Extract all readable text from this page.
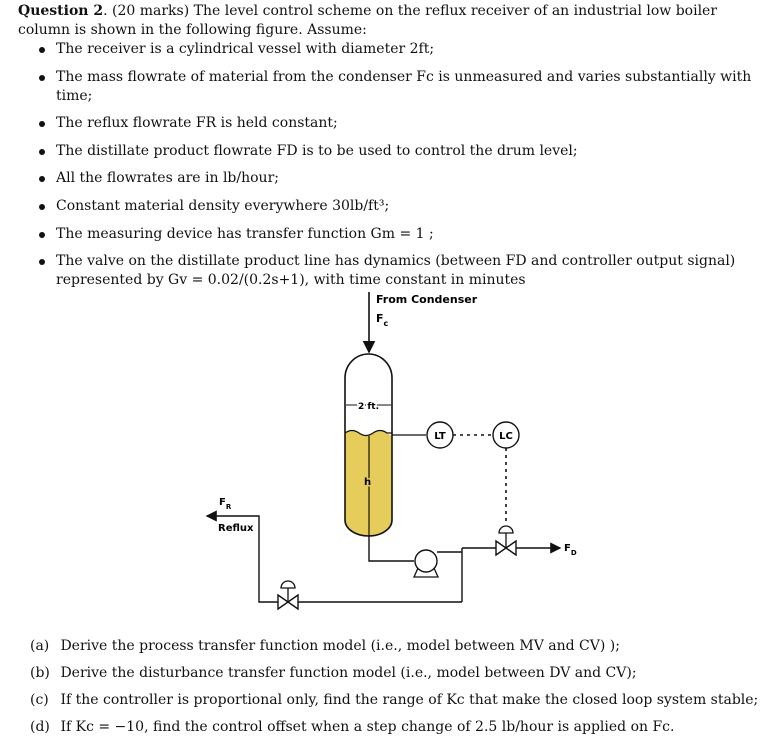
Question 2. (20 marks) The level control scheme on the reflux receiver of an industrial low boiler column is shown in the following figure. Assume:
The receiver is a cylindrical vessel with diameter 2ft;
The mass flowrate of material from the condenser Fc is unmeasured and varies substantially with time;
The reflux flowrate FR is held constant;
The distillate product flowrate FD is to be used to control the drum level;
All the flowrates are in lb/hour;
Constant material density everywhere 30lb/ft³;
The measuring device has transfer function Gm = 1 ;
The valve on the distillate product line has dynamics (between FD and controller output signal) represented by Gv = 0.02/(0.2s+1), with time constant in minutes
From Condenser
$F_c$
2 ft.
h
LT	LC
$F_D$
$F_R$
Reflux
(a) Derive the process transfer function model (i.e., model between MV and CV) );
(b) Derive the disturbance transfer function model (i.e., model between DV and CV);
(c) If the controller is proportional only, find the range of Kc that make the closed loop system stable;
(d) If Kc = −10, find the control offset when a step change of 2.5 lb/hour is applied on Fc.
